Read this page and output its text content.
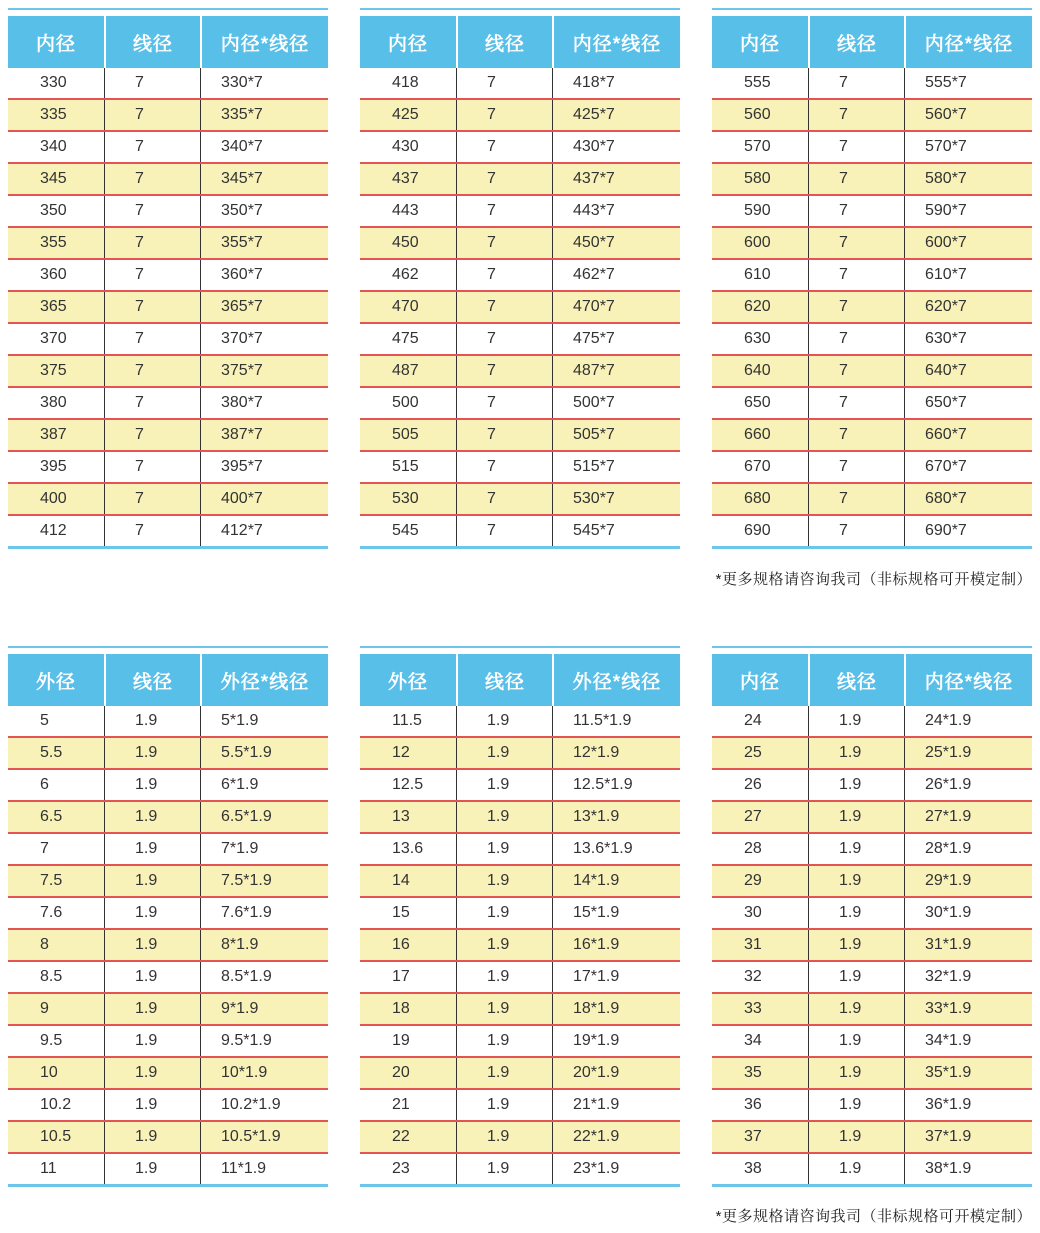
内径	线径	内径*线径
330	7	330*7
335	7	335*7
340	7	340*7
345	7	345*7
350	7	350*7
355	7	355*7
360	7	360*7
365	7	365*7
370	7	370*7
375	7	375*7
380	7	380*7
387	7	387*7
395	7	395*7
400	7	400*7
412	7	412*7
内径	线径	内径*线径
418	7	418*7
425	7	425*7
430	7	430*7
437	7	437*7
443	7	443*7
450	7	450*7
462	7	462*7
470	7	470*7
475	7	475*7
487	7	487*7
500	7	500*7
505	7	505*7
515	7	515*7
530	7	530*7
545	7	545*7
内径	线径	内径*线径
555	7	555*7
560	7	560*7
570	7	570*7
580	7	580*7
590	7	590*7
600	7	600*7
610	7	610*7
620	7	620*7
630	7	630*7
640	7	640*7
650	7	650*7
660	7	660*7
670	7	670*7
680	7	680*7
690	7	690*7
*更多规格请咨询我司（非标规格可开模定制）
外径	线径	外径*线径
5	1.9	5*1.9
5.5	1.9	5.5*1.9
6	1.9	6*1.9
6.5	1.9	6.5*1.9
7	1.9	7*1.9
7.5	1.9	7.5*1.9
7.6	1.9	7.6*1.9
8	1.9	8*1.9
8.5	1.9	8.5*1.9
9	1.9	9*1.9
9.5	1.9	9.5*1.9
10	1.9	10*1.9
10.2	1.9	10.2*1.9
10.5	1.9	10.5*1.9
11	1.9	11*1.9
外径	线径	外径*线径
11.5	1.9	11.5*1.9
12	1.9	12*1.9
12.5	1.9	12.5*1.9
13	1.9	13*1.9
13.6	1.9	13.6*1.9
14	1.9	14*1.9
15	1.9	15*1.9
16	1.9	16*1.9
17	1.9	17*1.9
18	1.9	18*1.9
19	1.9	19*1.9
20	1.9	20*1.9
21	1.9	21*1.9
22	1.9	22*1.9
23	1.9	23*1.9
内径	线径	内径*线径
24	1.9	24*1.9
25	1.9	25*1.9
26	1.9	26*1.9
27	1.9	27*1.9
28	1.9	28*1.9
29	1.9	29*1.9
30	1.9	30*1.9
31	1.9	31*1.9
32	1.9	32*1.9
33	1.9	33*1.9
34	1.9	34*1.9
35	1.9	35*1.9
36	1.9	36*1.9
37	1.9	37*1.9
38	1.9	38*1.9
*更多规格请咨询我司（非标规格可开模定制）
